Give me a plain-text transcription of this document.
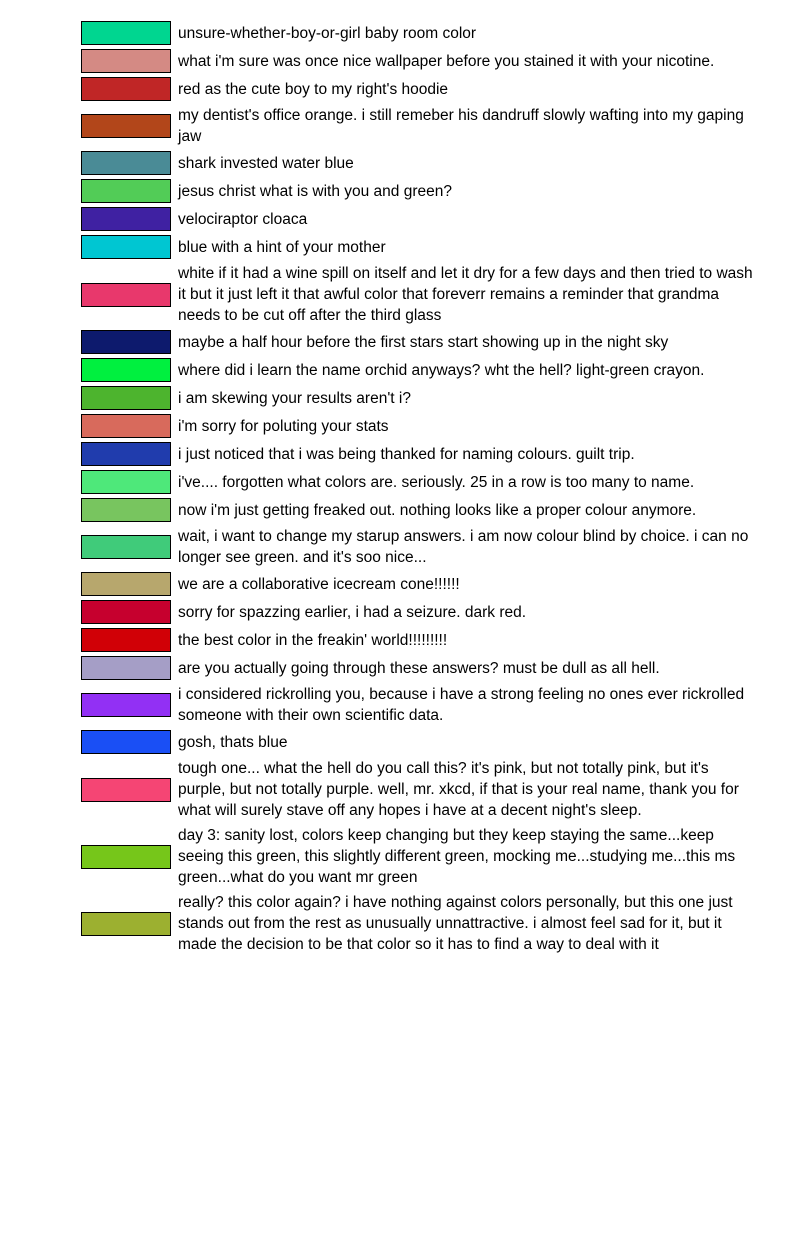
unsure-whether-boy-or-girl baby room color
what i'm sure was once nice wallpaper before you stained it with your nicotine.
red as the cute boy to my right's hoodie
my dentist's office orange. i still remeber his dandruff slowly wafting into my gaping jaw
shark invested water blue
jesus christ what is with you and green?
velociraptor cloaca
blue with a hint of your mother
white if it had a wine spill on itself and let it dry for a few days and then tried to wash it but it just left it that awful color that foreverr remains a reminder that grandma needs to be cut off after the third glass
maybe a half hour before the first stars start showing up in the night sky
where did i learn the name orchid anyways? wht the hell? light-green crayon.
i am skewing your results aren't i?
i'm sorry for poluting your stats
i just noticed that i was being thanked for naming colours. guilt trip.
i've.... forgotten what colors are. seriously. 25 in a row is too many to name.
now i'm just getting freaked out. nothing looks like a proper colour anymore.
wait, i want to change my starup answers. i am now colour blind by choice. i can no longer see green. and it's soo nice...
we are a collaborative icecream cone!!!!!!
sorry for spazzing earlier, i had a seizure. dark red.
the best color in the freakin' world!!!!!!!!!
are you actually going through these answers? must be dull as all hell.
i considered rickrolling you, because i have a strong feeling no ones ever rickrolled someone with their own scientific data.
gosh, thats blue
tough one... what the hell do you call this? it's pink, but not totally pink, but it's purple, but not totally purple. well, mr. xkcd, if that is your real name, thank you for what will surely stave off any hopes i have at a decent night's sleep.
day 3: sanity lost, colors keep changing but they keep staying the same...keep seeing this green, this slightly different green, mocking me...studying me...this ms green...what do you want mr green
really? this color again? i have nothing against colors personally, but this one just stands out from the rest as unusually unnattractive. i almost feel sad for it, but it made the decision to be that color so it has to find a way to deal with it
